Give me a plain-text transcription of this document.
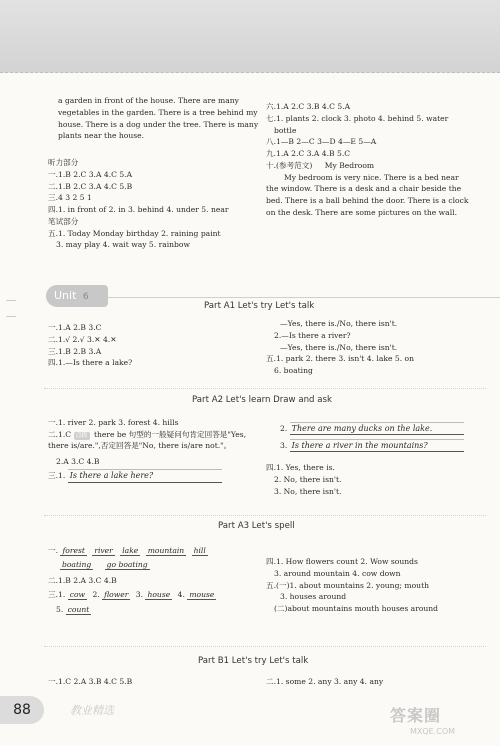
a garden in front of the house. There are many
vegetables in the garden. There is a tree behind my
house. There is a dog under the tree. There is many
plants near the house.
听力部分
一.1.B 2.C 3.A 4.C 5.A
二.1.B 2.C 3.A 4.C 5.B
三.4 3 2 5 1
四.1. in front of 2. in 3. behind 4. under 5. near
笔试部分
五.1. Today Monday birthday 2. raining paint
3. may play 4. wait way 5. rainbow
六.1.A 2.C 3.B 4.C 5.A
七.1. plants 2. clock 3. photo 4. behind 5. water
bottle
八.1—B 2—C 3—D 4—E 5—A
九.1.A 2.C 3.A 4.B 5.C
十.(参考范文) My Bedroom
My bedroom is very nice. There is a bed near the window. There is a desk and a chair beside the bed. There is a ball behind the door. There is a clock on the desk. There are some pictures on the wall.
Unit 6
Part A1 Let's try Let's talk
一.1.A 2.B 3.C
二.1.√ 2.√ 3.✕ 4.✕
三.1.B 2.B 3.A
四.1.—Is there a lake?
—Yes, there is./No, there isn't.
2.—Is there a river?
—Yes, there is./No, there isn't.
五.1. park 2. there 3. isn't 4. lake 5. on
6. boating
Part A2 Let's learn Draw and ask
一.1. river 2. park 3. forest 4. hills
二.1.C 点拨 there be 句型的一般疑问句肯定回答是"Yes, there is/are.",否定回答是"No, there is/are not."。
2.A 3.C 4.B
三.1. Is there a lake here?
2. There are many ducks on the lake.
3. Is there a river in the mountains?
四.1. Yes, there is.
2. No, there isn't.
3. No, there isn't.
Part A3 Let's spell
一. forest river lake mountain hill
boating go boating
二.1.B 2.A 3.C 4.B
三.1. cow 2. flower 3. house 4. mouse
5. count
四.1. How flowers count 2. Wow sounds
3. around mountain 4. cow down
五.(一)1. about mountains 2. young; mouth
3. houses around
(二)about mountains mouth houses around
Part B1 Let's try Let's talk
一.1.C 2.A 3.B 4.C 5.B	二.1. some 2. any 3. any 4. any
88	教业精选	答案圈
MXQE.COM
